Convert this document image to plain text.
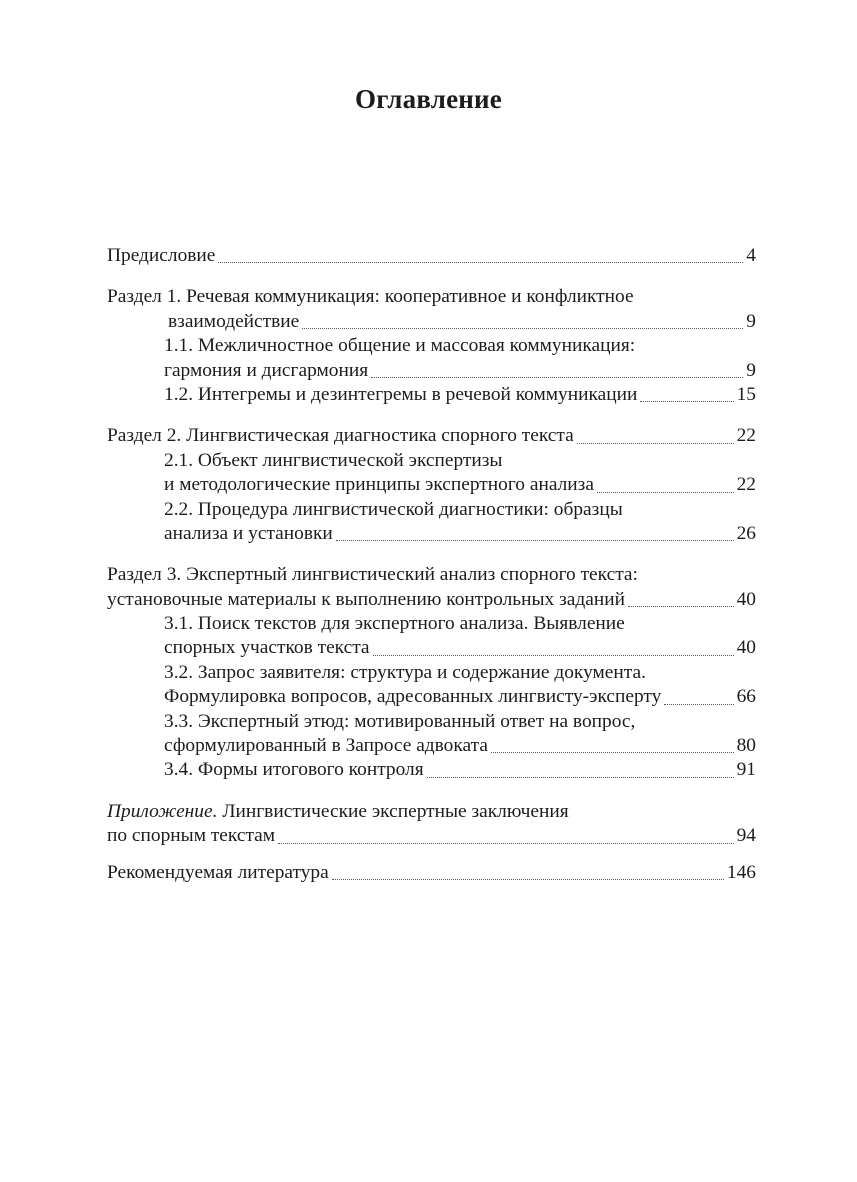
Оглавление
Предисловие	4
Раздел 1. Речевая коммуникация: кооперативное и конфликтное
взаимодействие	9
1.1. Межличностное общение и массовая коммуникация:
гармония и дисгармония	9
1.2. Интегремы и дезинтегремы в речевой коммуникации	15
Раздел 2. Лингвистическая диагностика спорного текста	22
2.1. Объект лингвистической экспертизы
и методологические принципы экспертного анализа	22
2.2. Процедура лингвистической диагностики: образцы
анализа и установки	26
Раздел 3. Экспертный лингвистический анализ спорного текста:
установочные материалы к выполнению контрольных заданий	40
3.1. Поиск текстов для экспертного анализа. Выявление
спорных участков текста	40
3.2. Запрос заявителя: структура и содержание документа.
Формулировка вопросов, адресованных лингвисту-эксперту	66
3.3. Экспертный этюд: мотивированный ответ на вопрос,
сформулированный в Запросе адвоката	80
3.4. Формы итогового контроля	91
Приложение. Лингвистические экспертные заключения
по спорным текстам	94
Рекомендуемая литература	146
